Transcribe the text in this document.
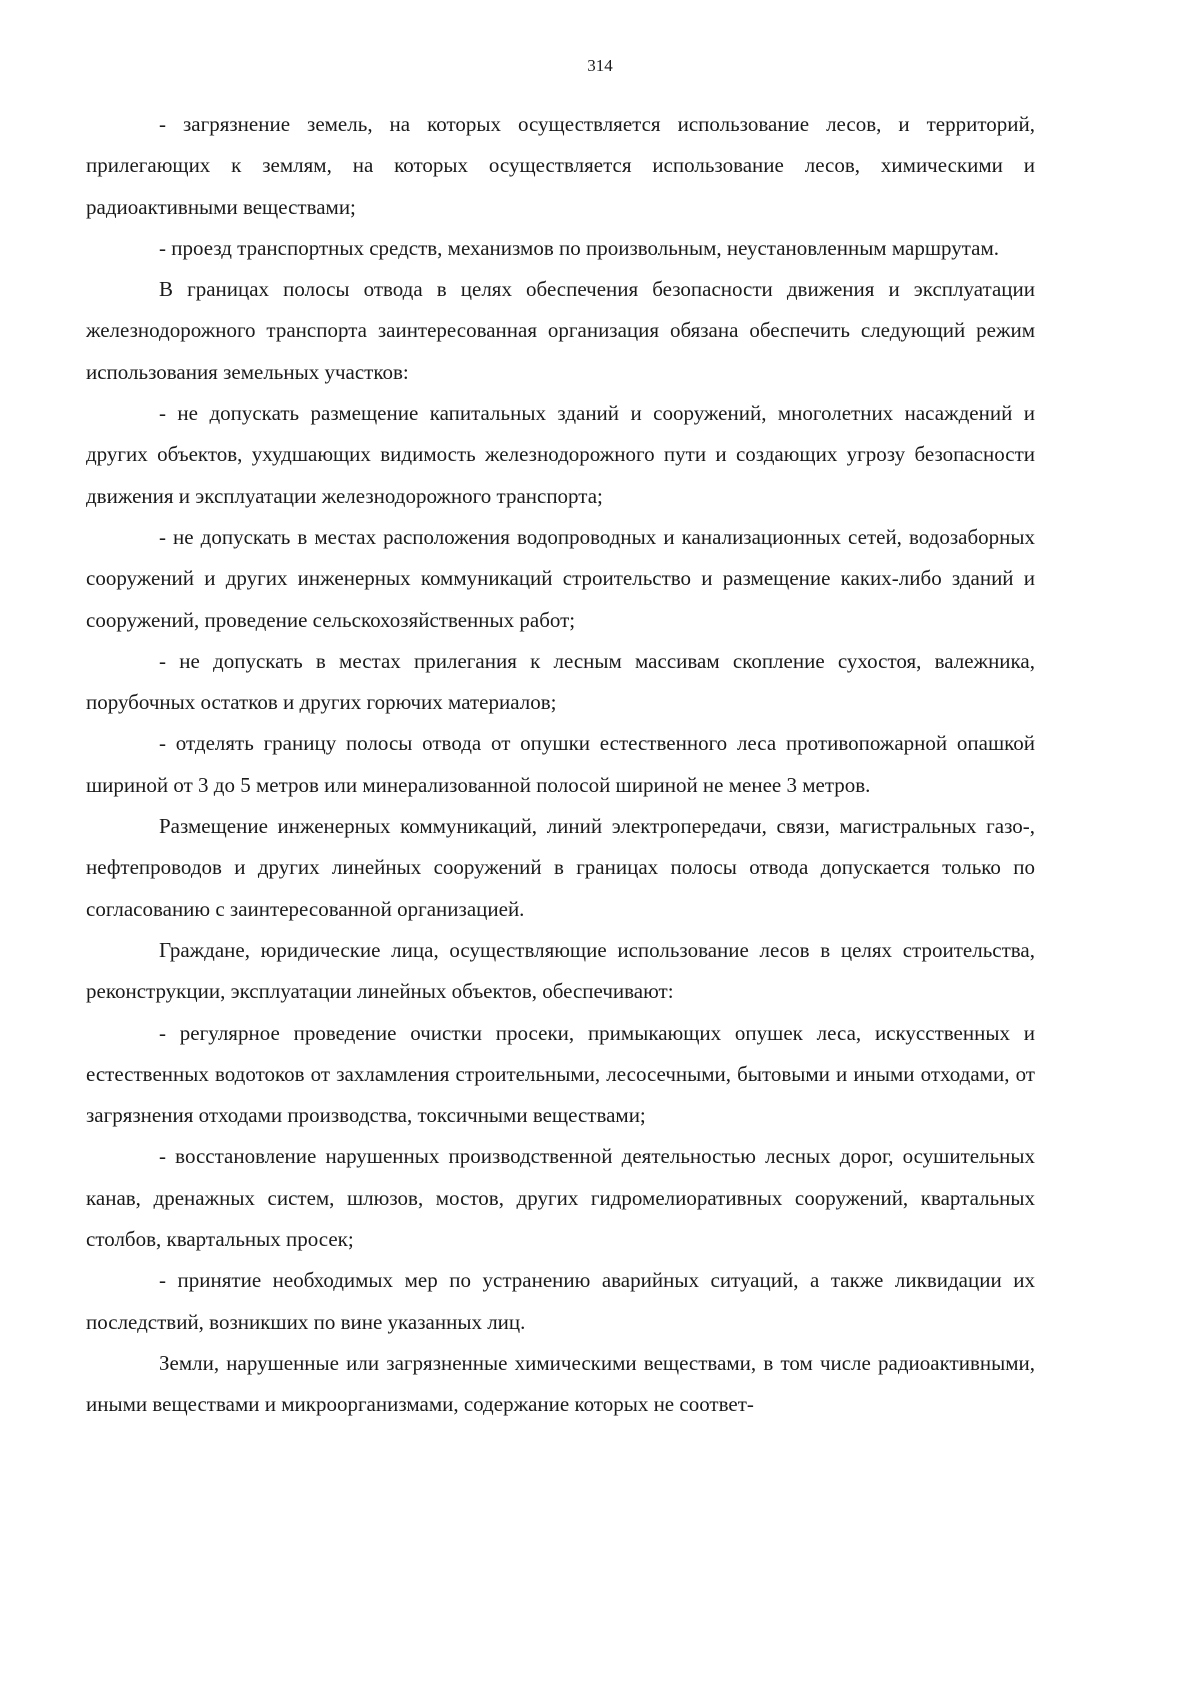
314

- загрязнение земель, на которых осуществляется использование лесов, и территорий, прилегающих к землям, на которых осуществляется использование лесов, химическими и радиоактивными веществами;

- проезд транспортных средств, механизмов по произвольным, неустановленным маршрутам.

В границах полосы отвода в целях обеспечения безопасности движения и эксплуатации железнодорожного транспорта заинтересованная организация обязана обеспечить следующий режим использования земельных участков:

- не допускать размещение капитальных зданий и сооружений, многолетних насаждений и других объектов, ухудшающих видимость железнодорожного пути и создающих угрозу безопасности движения и эксплуатации железнодорожного транспорта;

- не допускать в местах расположения водопроводных и канализационных сетей, водозаборных сооружений и других инженерных коммуникаций строительство и размещение каких-либо зданий и сооружений, проведение сельскохозяйственных работ;

- не допускать в местах прилегания к лесным массивам скопление сухостоя, валежника, порубочных остатков и других горючих материалов;

- отделять границу полосы отвода от опушки естественного леса противопожарной опашкой шириной от 3 до 5 метров или минерализованной полосой шириной не менее 3 метров.

Размещение инженерных коммуникаций, линий электропередачи, связи, магистральных газо-, нефтепроводов и других линейных сооружений в границах полосы отвода допускается только по согласованию с заинтересованной организацией.

Граждане, юридические лица, осуществляющие использование лесов в целях строительства, реконструкции, эксплуатации линейных объектов, обеспечивают:

- регулярное проведение очистки просеки, примыкающих опушек леса, искусственных и естественных водотоков от захламления строительными, лесосечными, бытовыми и иными отходами, от загрязнения отходами производства, токсичными веществами;

- восстановление нарушенных производственной деятельностью лесных дорог, осушительных канав, дренажных систем, шлюзов, мостов, других гидромелиоративных сооружений, квартальных столбов, квартальных просек;

- принятие необходимых мер по устранению аварийных ситуаций, а также ликвидации их последствий, возникших по вине указанных лиц.

Земли, нарушенные или загрязненные химическими веществами, в том числе радиоактивными, иными веществами и микроорганизмами, содержание которых не соответ-
